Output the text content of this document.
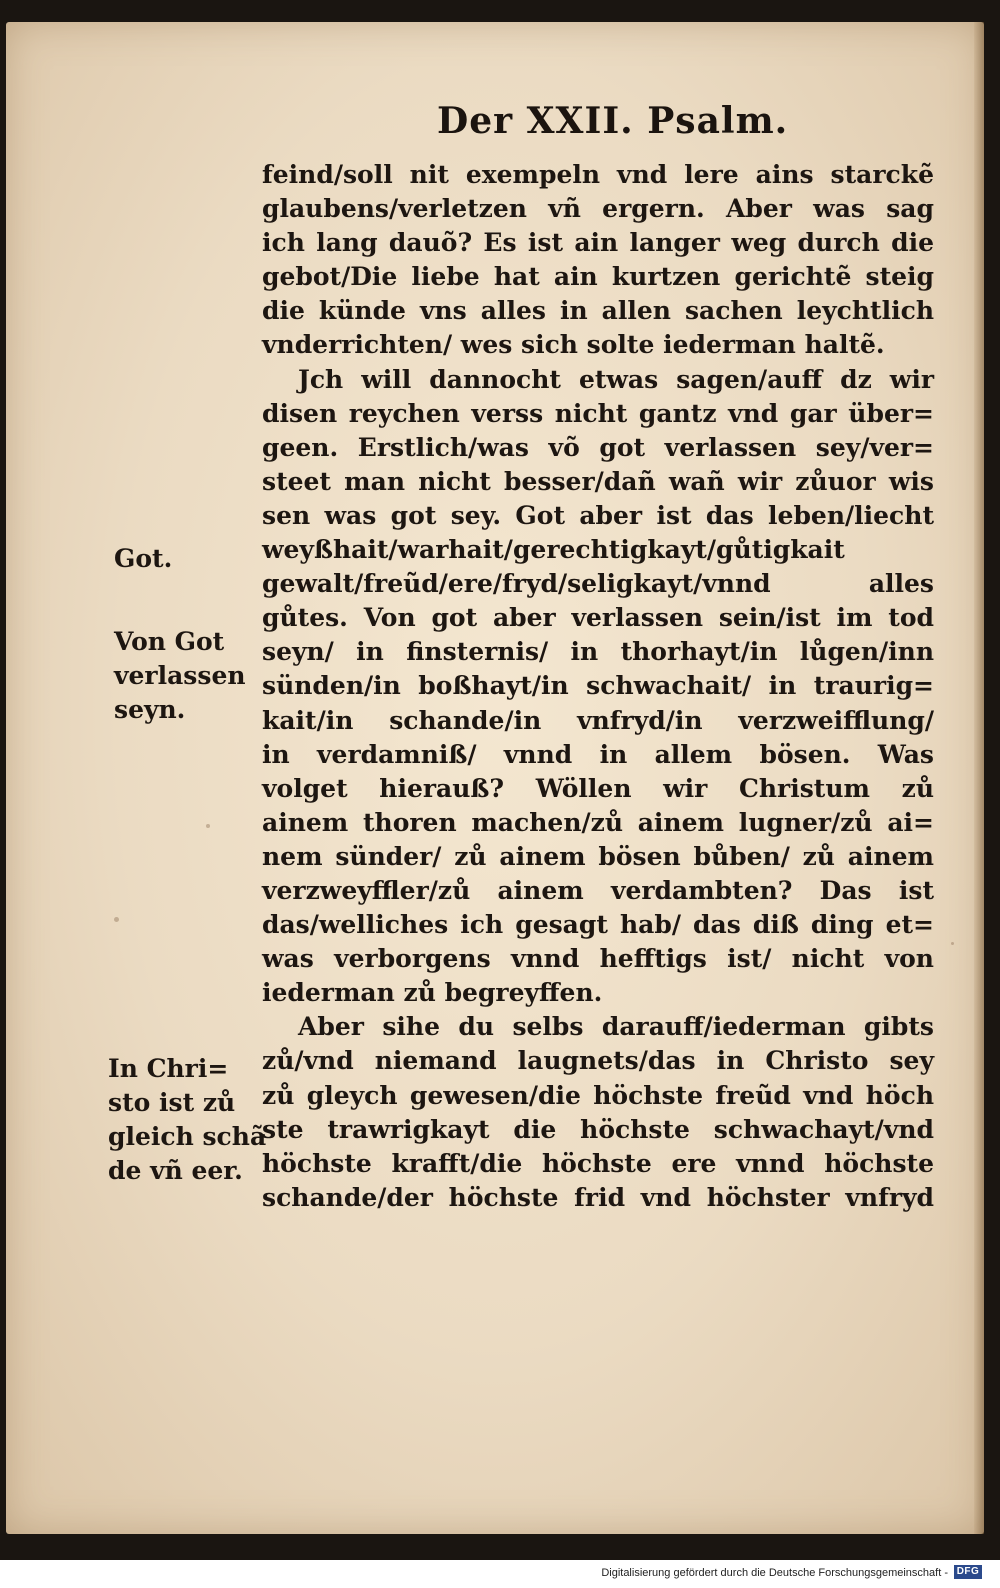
Der XXII. Psalm.
feind/soll nit exempeln vnd lere ains starckẽ
glaubens/verletzen vñ ergern. Aber was sag
ich lang dauõ? Es ist ain langer weg durch die
gebot/Die liebe hat ain kurtzen gerichtẽ steig
die künde vns alles in allen sachen leychtlich
vnderrichten/ wes sich solte iederman haltẽ.
Jch will dannocht etwas sagen/auff dz wir
disen reychen verss nicht gantz vnd gar über=
geen. Erstlich/was võ got verlassen sey/ver=
steet man nicht besser/dañ wañ wir zůuor wis
sen was got sey. Got aber ist das leben/liecht
weyßhait/warhait/gerechtigkayt/gůtigkait
gewalt/freũd/ere/fryd/seligkayt/vnnd alles
gůtes. Von got aber verlassen sein/ist im tod
seyn/ in finsternis/ in thorhayt/in lůgen/inn
sünden/in boßhayt/in schwachait/ in traurig=
kait/in schande/in vnfryd/in verzweifflung/
in verdamniß/ vnnd in allem bösen. Was
volget hierauß? Wöllen wir Christum zů
ainem thoren machen/zů ainem lugner/zů ai=
nem sünder/ zů ainem bösen bůben/ zů ainem
verzweyffler/zů ainem verdambten? Das ist
das/welliches ich gesagt hab/ das diß ding et=
was verborgens vnnd hefftigs ist/ nicht von
iederman zů begreyffen.
Aber sihe du selbs darauff/iederman gibts
zů/vnd niemand laugnets/das in Christo sey
zů gleych gewesen/die höchste freũd vnd höch
ste trawrigkayt die höchste schwachayt/vnd
höchste krafft/die höchste ere vnnd höchste
schande/der höchste frid vnd höchster vnfryd
Got.
Von Got
verlassen
seyn.
In Chri=
sto ist zů
gleich schã
de vñ eer.
Digitalisierung gefördert durch die Deutsche Forschungsgemeinschaft - DFG
